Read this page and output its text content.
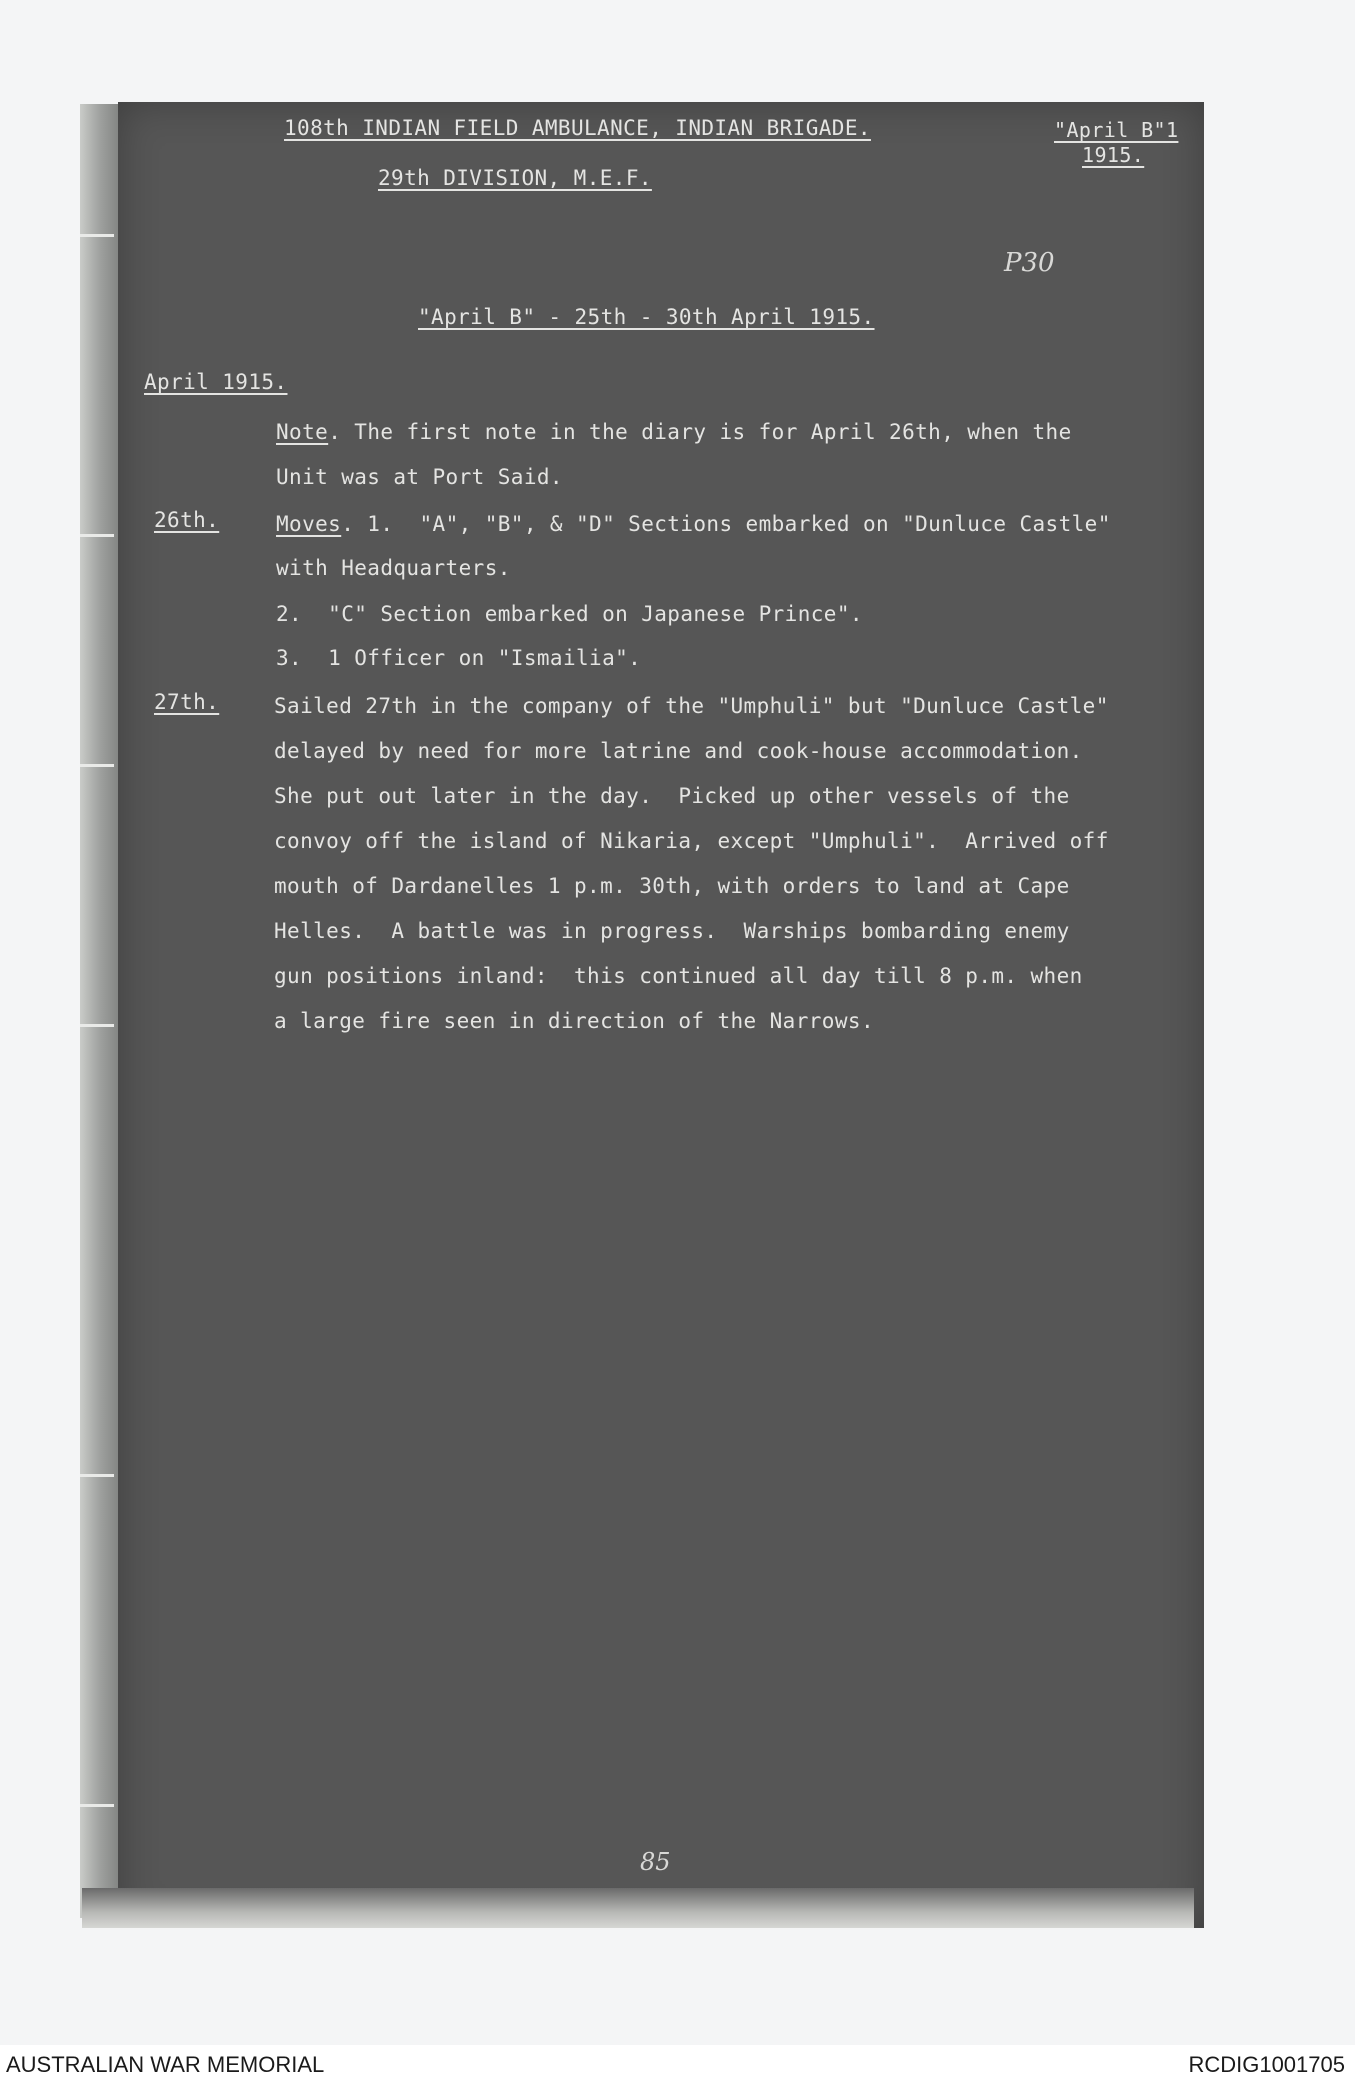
108th INDIAN FIELD AMBULANCE, INDIAN BRIGADE.
29th DIVISION, M.E.F.
"April B"1
1915.
P30
"April B" - 25th - 30th April 1915.
April 1915.
Note. The first note in the diary is for April 26th, when the
Unit was at Port Said.
26th.	Moves. 1.  "A", "B", & "D" Sections embarked on "Dunluce Castle"
with Headquarters.
2.  "C" Section embarked on Japanese Prince".
3.  1 Officer on "Ismailia".
27th.	Sailed 27th in the company of the "Umphuli" but "Dunluce Castle"
delayed by need for more latrine and cook-house accommodation.
She put out later in the day.  Picked up other vessels of the
convoy off the island of Nikaria, except "Umphuli".  Arrived off
mouth of Dardanelles 1 p.m. 30th, with orders to land at Cape
Helles.  A battle was in progress.  Warships bombarding enemy
gun positions inland:  this continued all day till 8 p.m. when
a large fire seen in direction of the Narrows.
85
AUSTRALIAN WAR MEMORIAL	RCDIG1001705
